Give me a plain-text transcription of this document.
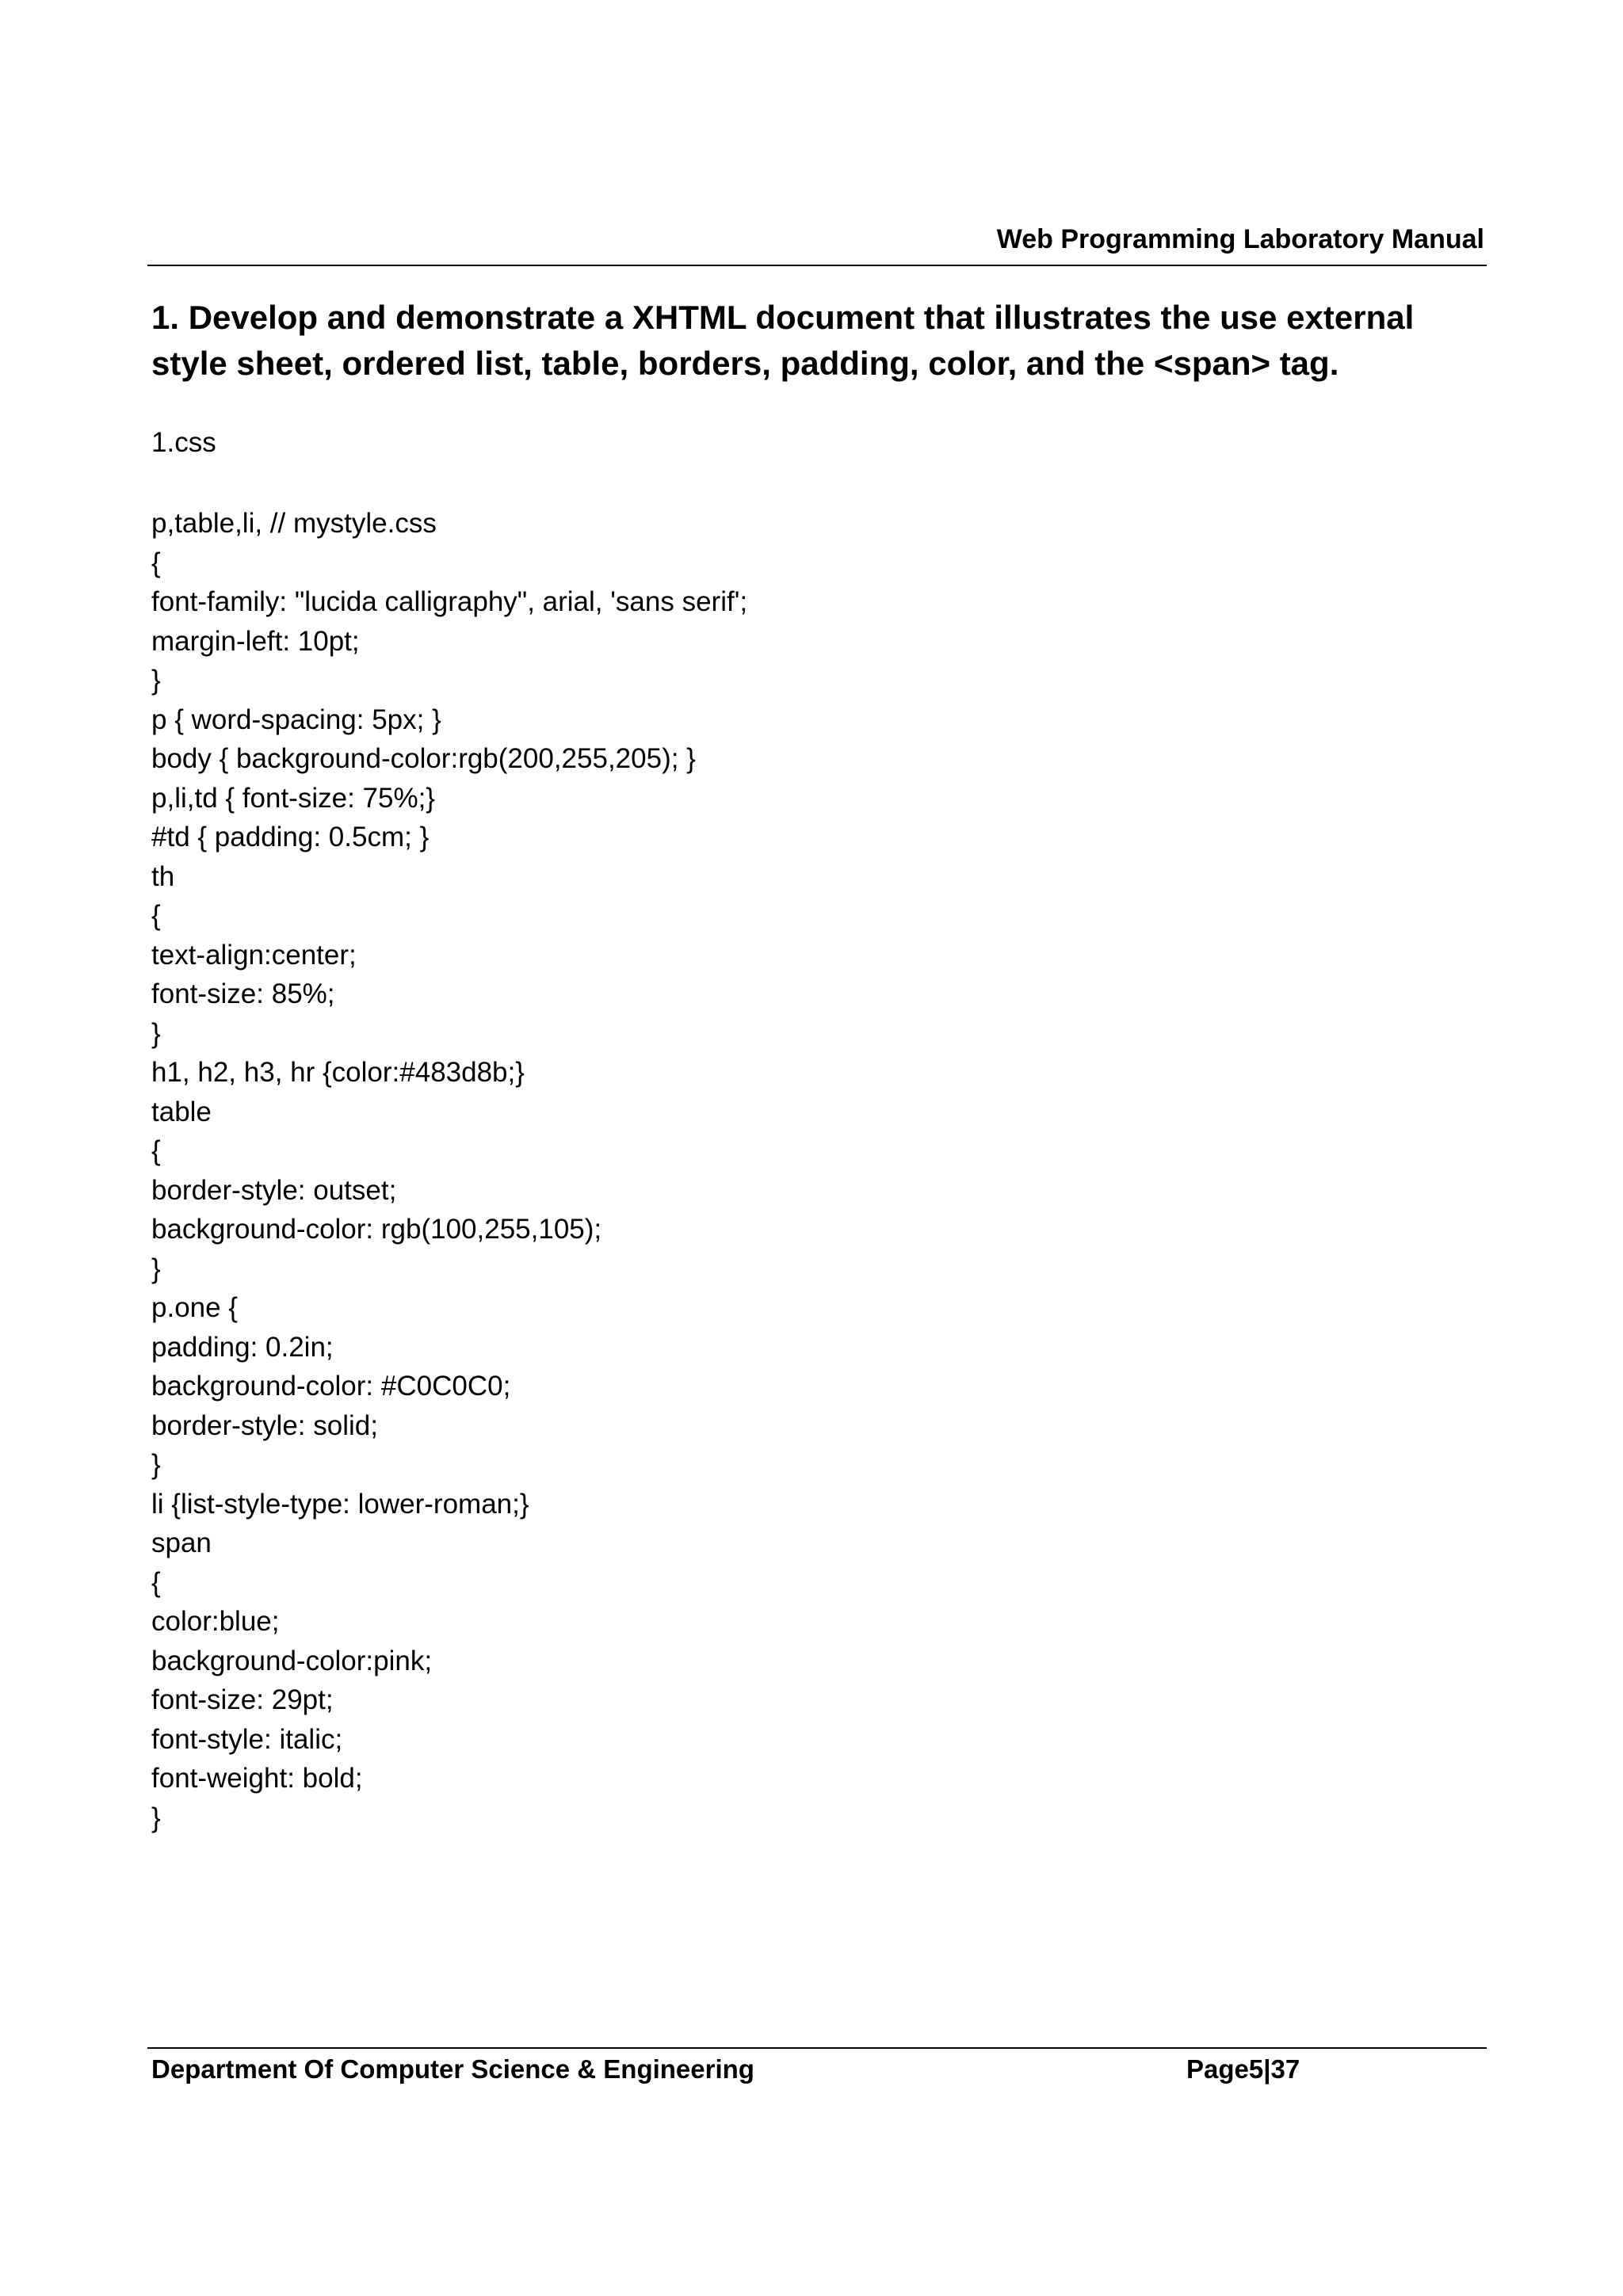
Web Programming Laboratory Manual
1. Develop and demonstrate a XHTML document that illustrates the use external style sheet, ordered list, table, borders, padding, color, and the <span> tag.
1.css
p,table,li, // mystyle.css
{
font-family: "lucida calligraphy", arial, 'sans serif';
margin-left: 10pt;
}
p { word-spacing: 5px; }
body { background-color:rgb(200,255,205); }
p,li,td { font-size: 75%;}
#td { padding: 0.5cm; }
th
{
text-align:center;
font-size: 85%;
}
h1, h2, h3, hr {color:#483d8b;}
table
{
border-style: outset;
background-color: rgb(100,255,105);
}
p.one {
padding: 0.2in;
background-color: #C0C0C0;
border-style: solid;
}
li {list-style-type: lower-roman;}
span
{
color:blue;
background-color:pink;
font-size: 29pt;
font-style: italic;
font-weight: bold;
}
Department Of Computer Science & Engineering	Page5|37
